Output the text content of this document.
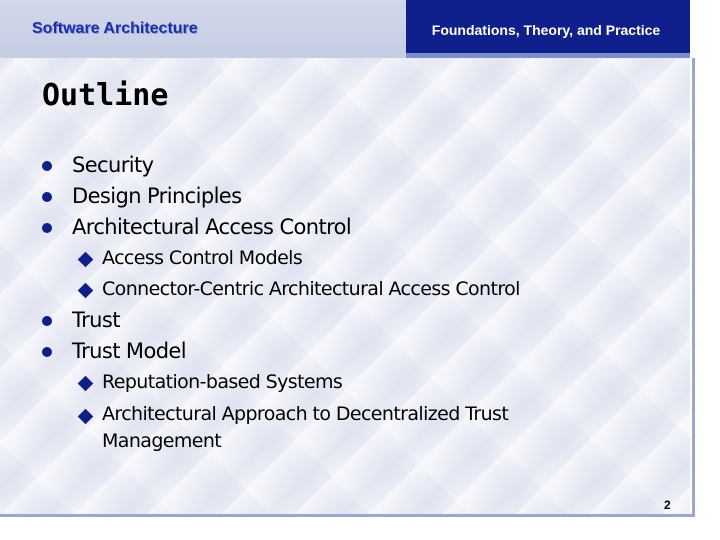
Software Architecture	Foundations, Theory, and Practice
Outline
Security
Design Principles
Architectural Access Control
Access Control Models
Connector-Centric Architectural Access Control
Trust
Trust Model
Reputation-based Systems
Architectural Approach to Decentralized Trust Management
2
